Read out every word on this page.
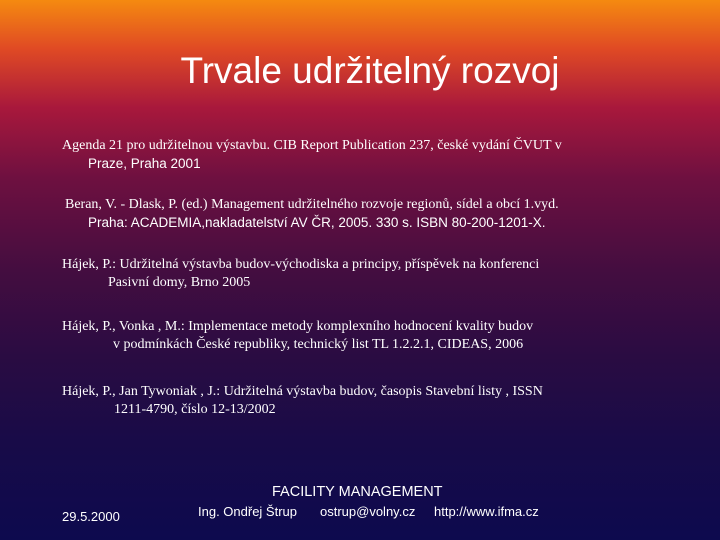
Trvale udržitelný rozvoj

Agenda 21 pro udržitelnou výstavbu. CIB Report Publication 237, české vydání ČVUT v
Praze, Praha 2001

Beran, V. - Dlask, P. (ed.) Management udržitelného rozvoje regionů, sídel a obcí 1.vyd.
Praha: ACADEMIA,nakladatelství AV ČR, 2005. 330 s. ISBN 80-200-1201-X.

Hájek, P.: Udržitelná výstavba budov-východiska a principy, příspěvek na konferenci
Pasivní domy, Brno 2005

Hájek, P., Vonka , M.: Implementace metody komplexního hodnocení kvality budov
v podmínkách České republiky, technický list TL 1.2.2.1, CIDEAS, 2006

Hájek, P., Jan Tywoniak , J.: Udržitelná výstavba budov, časopis Stavební listy , ISSN
1211-4790, číslo 12-13/2002

FACILITY MANAGEMENT
29.5.2000	Ing. Ondřej Štrup ostrup@volny.cz http://www.ifma.cz
